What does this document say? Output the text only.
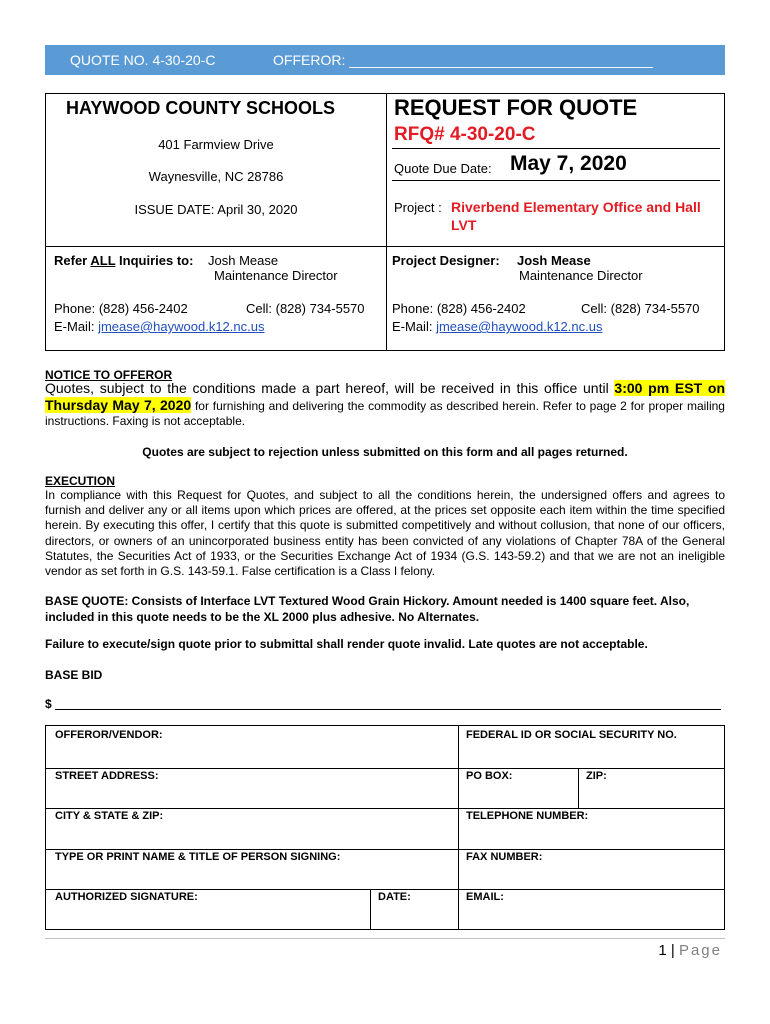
QUOTE NO. 4-30-20-C	OFFEROR: _______________________________________
HAYWOOD COUNTY SCHOOLS
401 Farmview Drive
Waynesville, NC 28786
ISSUE DATE: April 30, 2020
REQUEST FOR QUOTE
RFQ# 4-30-20-C
Quote Due Date: May 7, 2020
Project : Riverbend Elementary Office and Hall LVT
Refer ALL Inquiries to: Josh Mease
Maintenance Director
Phone: (828) 456-2402	Cell: (828) 734-5570
E-Mail: jmease@haywood.k12.nc.us
Project Designer: Josh Mease
Maintenance Director
Phone: (828) 456-2402	Cell: (828) 734-5570
E-Mail: jmease@haywood.k12.nc.us
NOTICE TO OFFEROR
Quotes, subject to the conditions made a part hereof, will be received in this office until 3:00 pm EST on Thursday May 7, 2020 for furnishing and delivering the commodity as described herein. Refer to page 2 for proper mailing instructions. Faxing is not acceptable.
Quotes are subject to rejection unless submitted on this form and all pages returned.
EXECUTION
In compliance with this Request for Quotes, and subject to all the conditions herein, the undersigned offers and agrees to furnish and deliver any or all items upon which prices are offered, at the prices set opposite each item within the time specified herein. By executing this offer, I certify that this quote is submitted competitively and without collusion, that none of our officers, directors, or owners of an unincorporated business entity has been convicted of any violations of Chapter 78A of the General Statutes, the Securities Act of 1933, or the Securities Exchange Act of 1934 (G.S. 143-59.2) and that we are not an ineligible vendor as set forth in G.S. 143-59.1. False certification is a Class I felony.
BASE QUOTE: Consists of Interface LVT Textured Wood Grain Hickory. Amount needed is 1400 square feet. Also, included in this quote needs to be the XL 2000 plus adhesive. No Alternates.
Failure to execute/sign quote prior to submittal shall render quote invalid. Late quotes are not acceptable.
BASE BID
$
OFFEROR/VENDOR:	FEDERAL ID OR SOCIAL SECURITY NO.
STREET ADDRESS:	PO BOX:	ZIP:
CITY & STATE & ZIP:	TELEPHONE NUMBER:
TYPE OR PRINT NAME & TITLE OF PERSON SIGNING:	FAX NUMBER:
AUTHORIZED SIGNATURE:	DATE:	EMAIL:
1 | Page
